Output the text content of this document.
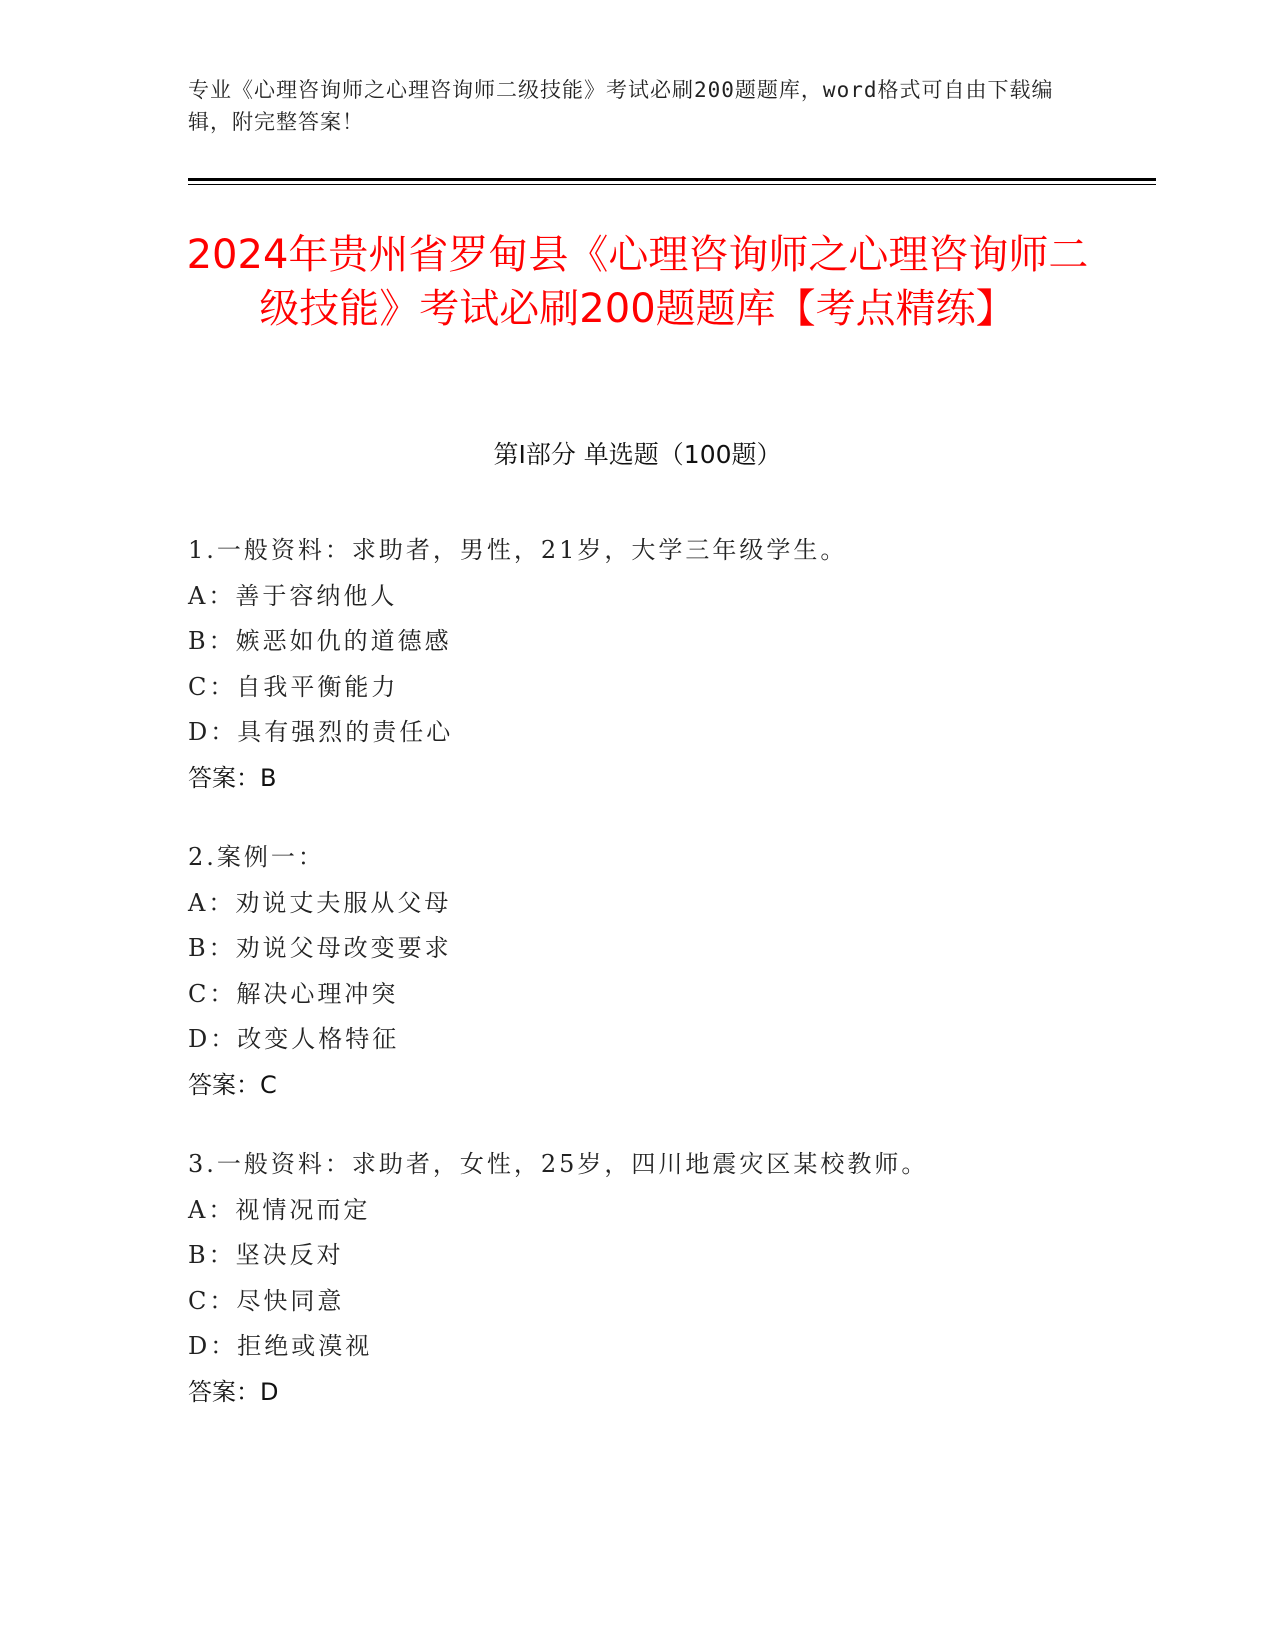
专业《心理咨询师之心理咨询师二级技能》考试必刷200题题库，word格式可自由下载编辑，附完整答案！
2024年贵州省罗甸县《心理咨询师之心理咨询师二级技能》考试必刷200题题库【考点精练】
第Ⅰ部分 单选题（100题）
1.一般资料：求助者，男性，21岁，大学三年级学生。
A：善于容纳他人
B：嫉恶如仇的道德感
C：自我平衡能力
D：具有强烈的责任心
答案：B
2.案例一：
A：劝说丈夫服从父母
B：劝说父母改变要求
C：解决心理冲突
D：改变人格特征
答案：C
3.一般资料：求助者，女性，25岁，四川地震灾区某校教师。
A：视情况而定
B：坚决反对
C：尽快同意
D：拒绝或漠视
答案：D
